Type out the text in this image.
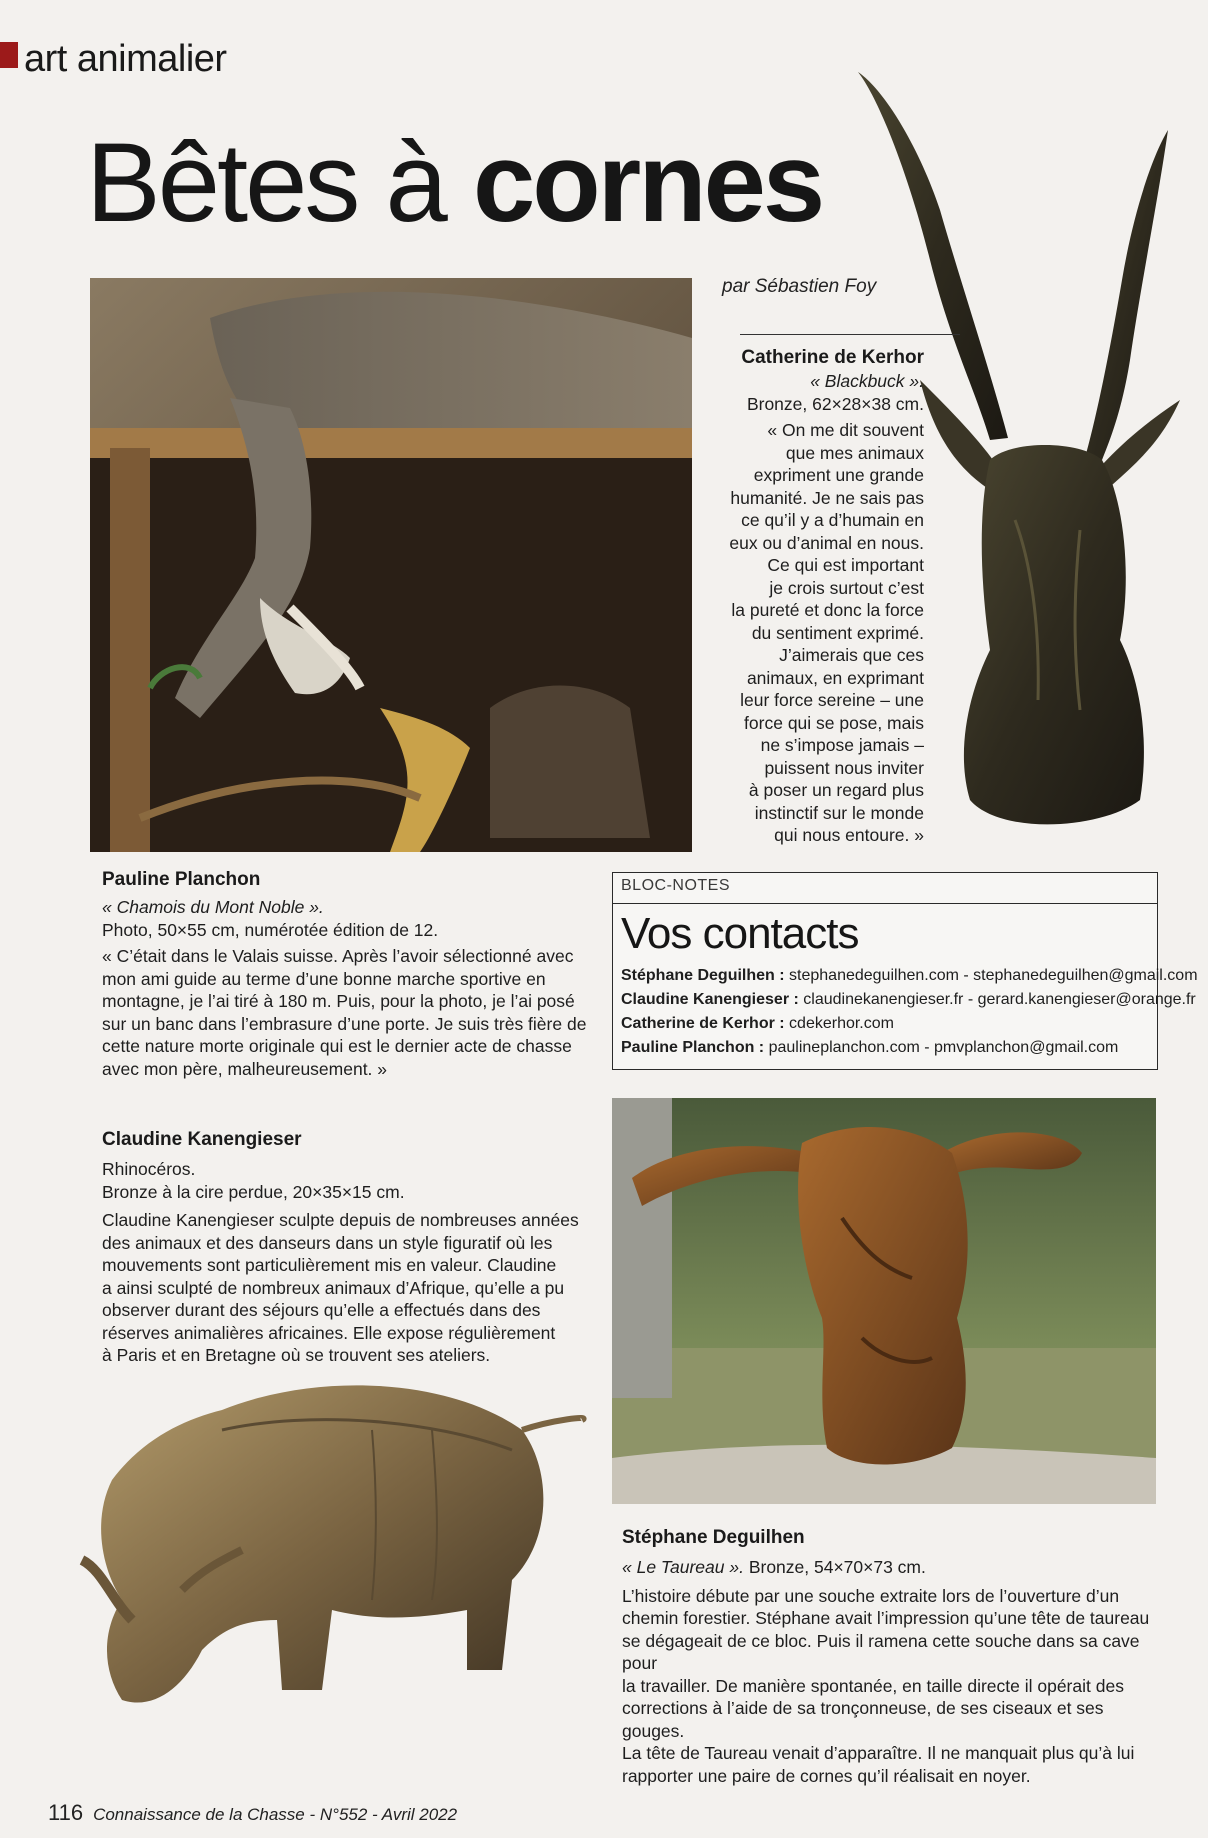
art animalier
Bêtes à cornes
par Sébastien Foy
Catherine de Kerhor
« Blackbuck ».
Bronze, 62×28×38 cm.
« On me dit souvent
que mes animaux
expriment une grande
humanité. Je ne sais pas
ce qu’il y a d’humain en
eux ou d’animal en nous.
Ce qui est important
je crois surtout c’est
la pureté et donc la force
du sentiment exprimé.
J’aimerais que ces
animaux, en exprimant
leur force sereine – une
force qui se pose, mais
ne s’impose jamais –
puissent nous inviter
à poser un regard plus
instinctif sur le monde
qui nous entoure. »
Pauline Planchon
« Chamois du Mont Noble ».
Photo, 50×55 cm, numérotée édition de 12.
« C’était dans le Valais suisse. Après l’avoir sélectionné avec
mon ami guide au terme d’une bonne marche sportive en
montagne, je l’ai tiré à 180 m. Puis, pour la photo, je l’ai posé
sur un banc dans l’embrasure d’une porte. Je suis très fière de
cette nature morte originale qui est le dernier acte de chasse
avec mon père, malheureusement. »
BLOC-NOTES
Vos contacts
Stéphane Deguilhen : stephanedeguilhen.com - stephanedeguilhen@gmail.com
Claudine Kanengieser : claudinekanengieser.fr - gerard.kanengieser@orange.fr
Catherine de Kerhor : cdekerhor.com
Pauline Planchon : paulineplanchon.com - pmvplanchon@gmail.com
Claudine Kanengieser
Rhinocéros.
Bronze à la cire perdue, 20×35×15 cm.
Claudine Kanengieser sculpte depuis de nombreuses années
des animaux et des danseurs dans un style figuratif où les
mouvements sont particulièrement mis en valeur. Claudine
a ainsi sculpté de nombreux animaux d’Afrique, qu’elle a pu
observer durant des séjours qu’elle a effectués dans des
réserves animalières africaines. Elle expose régulièrement
à Paris et en Bretagne où se trouvent ses ateliers.
Stéphane Deguilhen
« Le Taureau ». Bronze, 54×70×73 cm.
L’histoire débute par une souche extraite lors de l’ouverture d’un
chemin forestier. Stéphane avait l’impression qu’une tête de taureau
se dégageait de ce bloc. Puis il ramena cette souche dans sa cave pour
la travailler. De manière spontanée, en taille directe il opérait des
corrections à l’aide de sa tronçonneuse, de ses ciseaux et ses gouges.
La tête de Taureau venait d’apparaître. Il ne manquait plus qu’à lui
rapporter une paire de cornes qu’il réalisait en noyer.
116 Connaissance de la Chasse - N°552 - Avril 2022
